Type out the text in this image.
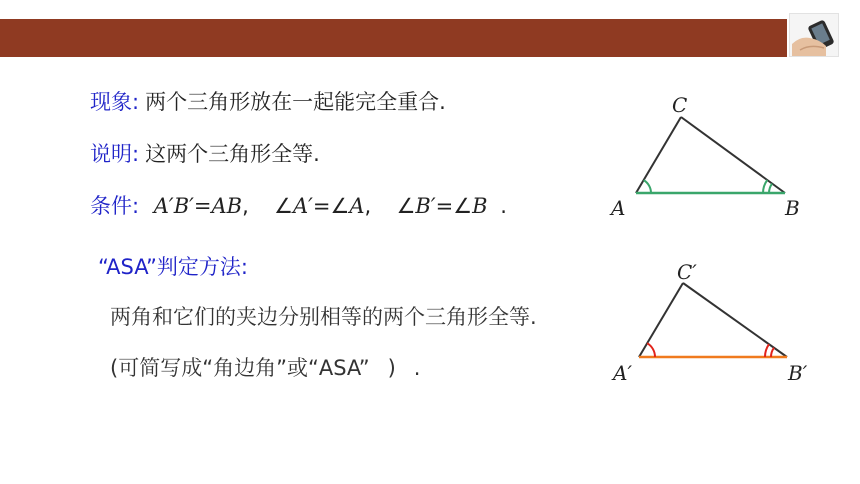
现象: 两个三角形放在一起能完全重合.
说明: 这两个三角形全等.
条件: A′B′=AB, ∠A′=∠A, ∠B′=∠B .
“ASA”判定方法:
两角和它们的夹边分别相等的两个三角形全等.
(可简写成“角边角”或“ASA” ) .
C
A	B
C′
A′	B′
